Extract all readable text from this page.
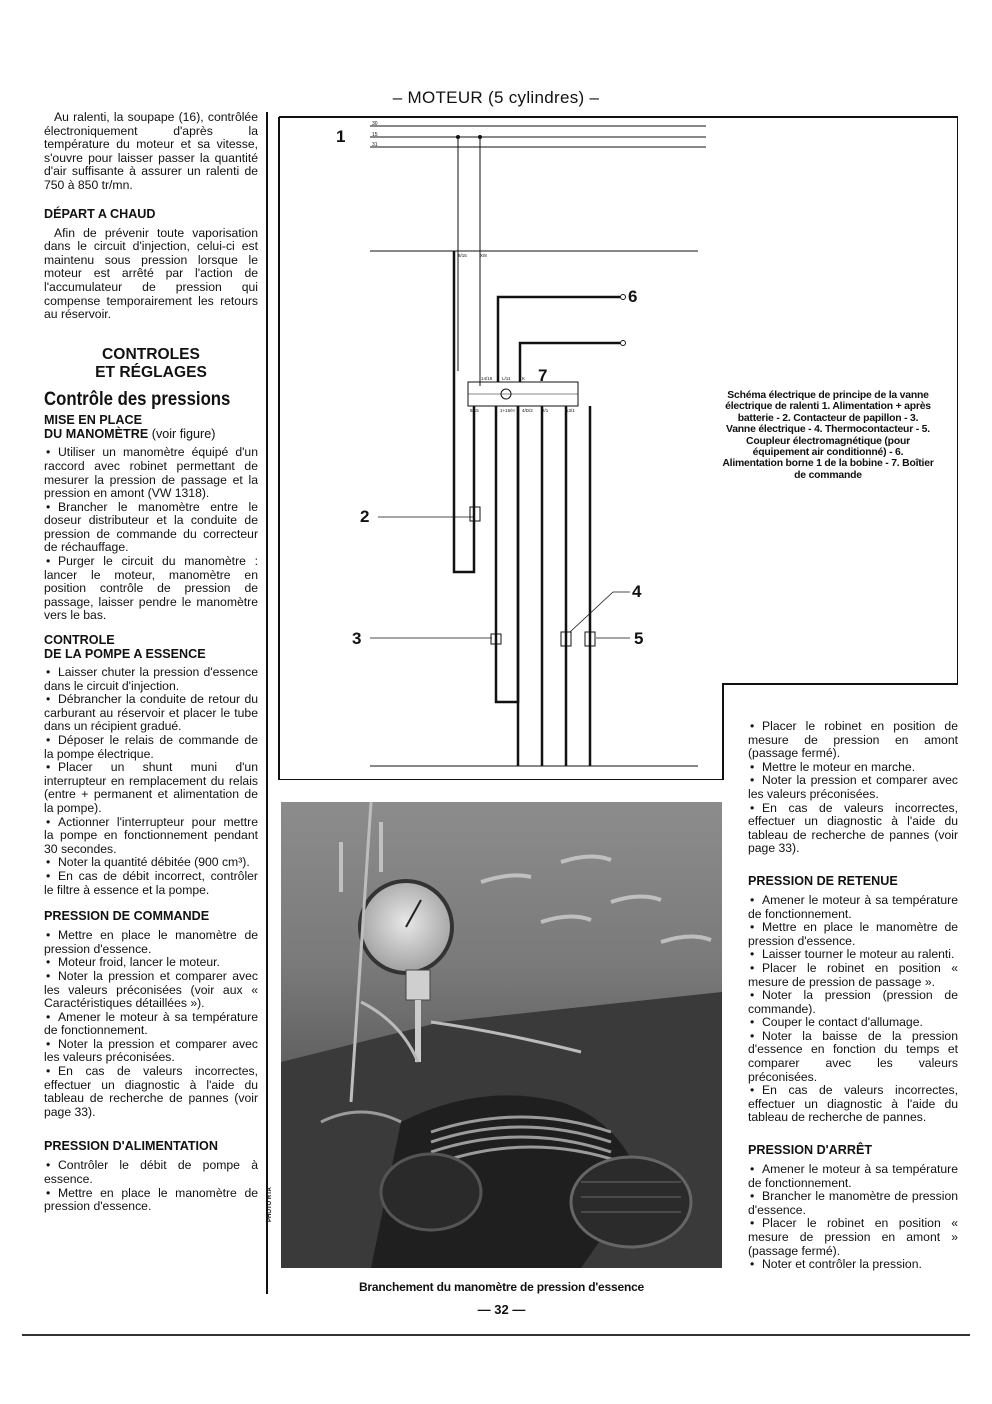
– MOTEUR (5 cylindres) –

Au ralenti, la soupape (16), contrôlée électroniquement d'après la température du moteur et sa vitesse, s'ouvre pour laisser passer la quantité d'air suffisante à assurer un ralenti de 750 à 850 tr/mn.

DÉPART A CHAUD

Afin de prévenir toute vaporisation dans le circuit d'injection, celui-ci est maintenu sous pression lorsque le moteur est arrêté par l'action de l'accumulateur de pression qui compense temporairement les retours au réservoir.

CONTROLES
ET RÉGLAGES
Contrôle des pressions
MISE EN PLACE
DU MANOMÈTRE (voir figure)

• Utiliser un manomètre équipé d'un raccord avec robinet permettant de mesurer la pression de passage et la pression en amont (VW 1318).

• Brancher le manomètre entre le doseur distributeur et la conduite de pression de commande du correcteur de réchauffage.

• Purger le circuit du manomètre : lancer le moteur, manomètre en position contrôle de pression de passage, laisser pendre le manomètre vers le bas.

CONTROLE
DE LA POMPE A ESSENCE

• Laisser chuter la pression d'essence dans le circuit d'injection.

• Débrancher la conduite de retour du carburant au réservoir et placer le tube dans un récipient gradué.

• Déposer le relais de commande de la pompe électrique.

• Placer un shunt muni d'un interrupteur en remplacement du relais (entre + permanent et alimentation de la pompe).

• Actionner l'interrupteur pour mettre la pompe en fonctionnement pendant 30 secondes.

• Noter la quantité débitée (900 cm³).

• En cas de débit incorrect, contrôler le filtre à essence et la pompe.

PRESSION DE COMMANDE

• Mettre en place le manomètre de pression d'essence.

• Moteur froid, lancer le moteur.

• Noter la pression et comparer avec les valeurs préconisées (voir aux « Caractéristiques détaillées »).

• Amener le moteur à sa température de fonctionnement.

• Noter la pression et comparer avec les valeurs préconisées.

• En cas de valeurs incorrectes, effectuer un diagnostic à l'aide du tableau de recherche de pannes (voir page 33).

PRESSION D'ALIMENTATION

• Contrôler le débit de pompe à essence.

• Mettre en place le manomètre de pression d'essence.

30
15
31
8/15	X/8
14/15 L/11	K
8/15	1+15/H 4/D/2 2/1	13/1
1
2
3
4
5
6
7
Schéma électrique de principe de la vanne électrique de ralenti 1. Alimentation + après batterie - 2. Contacteur de papillon - 3. Vanne électrique - 4. Thermocontacteur - 5. Coupleur électromagnétique (pour équipement air conditionné) - 6. Alimentation borne 1 de la bobine - 7. Boîtier de commande

• Placer le robinet en position de mesure de pression en amont (passage fermé).

• Mettre le moteur en marche.

• Noter la pression et comparer avec les valeurs préconisées.

• En cas de valeurs incorrectes, effectuer un diagnostic à l'aide du tableau de recherche de pannes (voir page 33).

PRESSION DE RETENUE

• Amener le moteur à sa température de fonctionnement.

• Mettre en place le manomètre de pression d'essence.

• Laisser tourner le moteur au ralenti.

• Placer le robinet en position « mesure de pression de passage ».

• Noter la pression (pression de commande).

• Couper le contact d'allumage.

• Noter la baisse de la pression d'essence en fonction du temps et comparer avec les valeurs préconisées.

• En cas de valeurs incorrectes, effectuer un diagnostic à l'aide du tableau de recherche de pannes.

PRESSION D'ARRÊT

• Amener le moteur à sa température de fonctionnement.

• Brancher le manomètre de pression d'essence.

• Placer le robinet en position « mesure de pression en amont » (passage fermé).

• Noter et contrôler la pression.

PHOTO RTA
Branchement du manomètre de pression d'essence
— 32 —
